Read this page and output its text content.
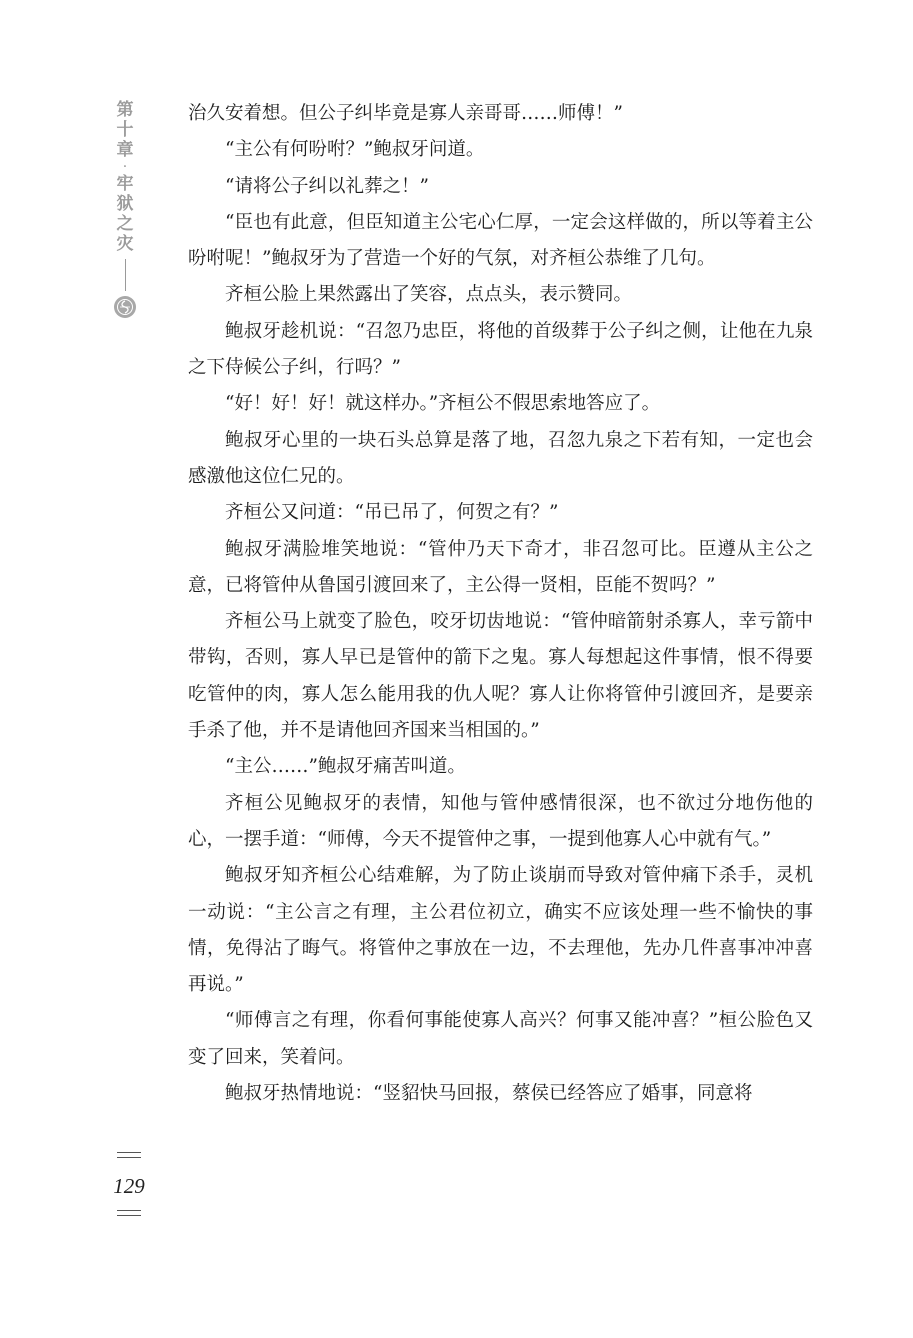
第
十
章
·
牢
狱
之
灾

治久安着想。但公子纠毕竟是寡人亲哥哥……师傅！”

“主公有何吩咐？”鲍叔牙问道。

“请将公子纠以礼葬之！”

“臣也有此意，但臣知道主公宅心仁厚，一定会这样做的，所以等着主公吩咐呢！”鲍叔牙为了营造一个好的气氛，对齐桓公恭维了几句。

齐桓公脸上果然露出了笑容，点点头，表示赞同。

鲍叔牙趁机说：“召忽乃忠臣，将他的首级葬于公子纠之侧，让他在九泉之下侍候公子纠，行吗？”

“好！好！好！就这样办。”齐桓公不假思索地答应了。

鲍叔牙心里的一块石头总算是落了地，召忽九泉之下若有知，一定也会感激他这位仁兄的。

齐桓公又问道：“吊已吊了，何贺之有？”

鲍叔牙满脸堆笑地说：“管仲乃天下奇才，非召忽可比。臣遵从主公之意，已将管仲从鲁国引渡回来了，主公得一贤相，臣能不贺吗？”

齐桓公马上就变了脸色，咬牙切齿地说：“管仲暗箭射杀寡人，幸亏箭中带钩，否则，寡人早已是管仲的箭下之鬼。寡人每想起这件事情，恨不得要吃管仲的肉，寡人怎么能用我的仇人呢？寡人让你将管仲引渡回齐，是要亲手杀了他，并不是请他回齐国来当相国的。”

“主公……”鲍叔牙痛苦叫道。

齐桓公见鲍叔牙的表情，知他与管仲感情很深，也不欲过分地伤他的心，一摆手道：“师傅，今天不提管仲之事，一提到他寡人心中就有气。”

鲍叔牙知齐桓公心结难解，为了防止谈崩而导致对管仲痛下杀手，灵机一动说：“主公言之有理，主公君位初立，确实不应该处理一些不愉快的事情，免得沾了晦气。将管仲之事放在一边，不去理他，先办几件喜事冲冲喜再说。”

“师傅言之有理，你看何事能使寡人高兴？何事又能冲喜？”桓公脸色又变了回来，笑着问。

鲍叔牙热情地说：“竖貂快马回报，蔡侯已经答应了婚事，同意将

129
